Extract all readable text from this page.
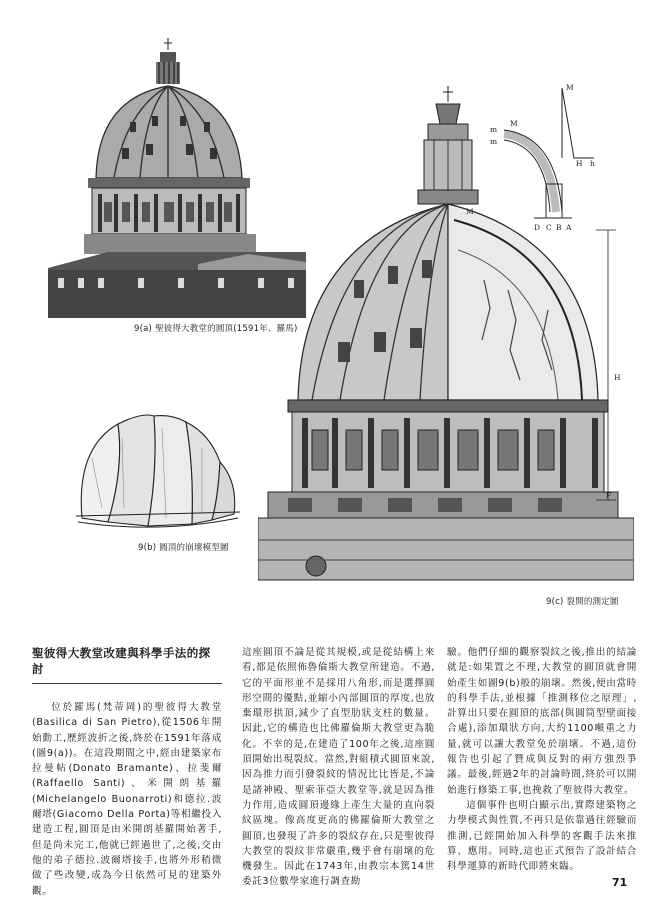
9(a) 聖彼得大教堂的圓頂(1591年、羅馬)
9(b) 圓頂的崩壞模型圖
M
m
m
M
H h
A
B
C
D
M
H
F
9(c) 裂開的測定圖
聖彼得大教堂改建與科學手法的探討

位於羅馬(梵蒂岡)的聖彼得大教堂(Basilica di San Pietro),從1506年開始動工,歷經波折之後,終於在1591年落成(圖9(a))。在這段期間之中,經由建築家布拉曼帖(Donato Bramante)、拉斐爾(Raffaello Santi)、米開朗基羅(Michelangelo Buonarroti)和德拉.波爾塔(Giacomo Della Porta)等相繼投入建造工程,圓頂是由米開朗基羅開始著手,但是尚未完工,他就已經過世了,之後,交由他的弟子德拉.波爾塔接手,也將外形稍微做了些改變,成為今日依然可見的建築外觀。

這座圓頂不論是從其規模,或是從結構上來看,都是依照佈魯倫斯大教堂所建造。不過,它的平面形並不是採用八角形,而是選擇圓形空間的優點,並縮小內部圓頂的厚度,也放棄環形拱頂,減少了直型肋狀支柱的數量。因此,它的構造也比佛羅倫斯大教堂更為脆化。不幸的是,在建造了100年之後,這座圓頂開始出現裂紋。當然,對組積式圓頂來說,因為推力而引發裂紋的情況比比皆是,不論是諸神殿、聖索菲亞大教堂等,就是因為推力作用,造成圓頂邊緣上產生大量的直向裂紋區塊。像高度更高的佛羅倫斯大教堂之圓頂,也發現了許多的裂紋存在,只是聖彼得大教堂的裂紋非常嚴重,幾乎會有崩壞的危機發生。因此在1743年,由教宗本篤14世委託3位數學家進行調查勘

驗。他們仔細的觀察裂紋之後,推出的結論就是:如果置之不理,大教堂的圓頂就會開始產生如圖9(b)般的崩壞。然後,便由當時的科學手法,並根據「推測移位之原理」,計算出只要在圓頂的底部(與圓筒型壁面接合處),添加環狀方向,大約1100噸重之力量,就可以讓大教堂免於崩壞。不過,這份報告也引起了贊成與反對的兩方強烈爭議。最後,經過2年的討論時間,終於可以開始進行修築工事,也挽救了聖彼得大教堂。

這個事件也明白顯示出,實際建築物之力學模式與性質,不再只是依靠過往經驗而推測,已經開始加入科學的客觀手法來推算、應用。同時,這也正式預告了設計結合科學運算的新時代即將來臨。

71
